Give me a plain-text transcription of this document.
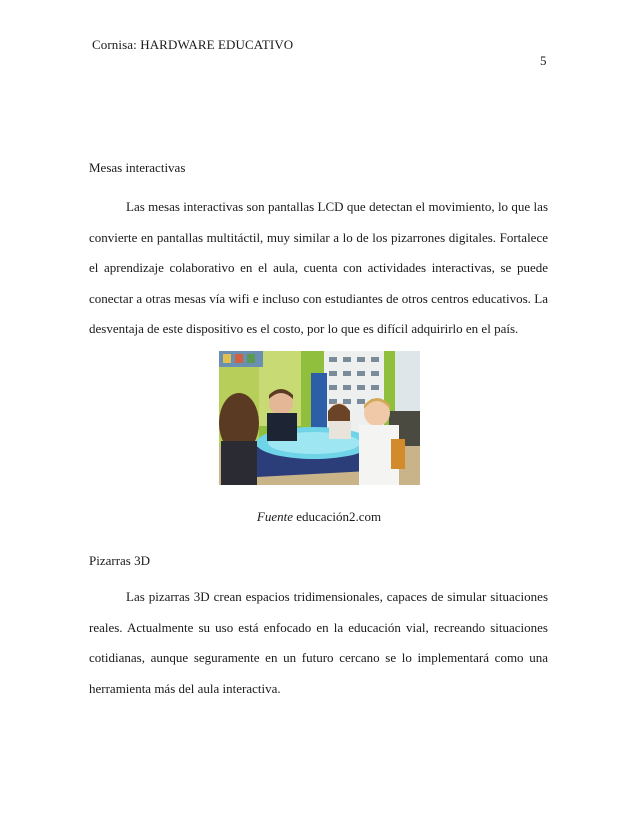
Cornisa: HARDWARE EDUCATIVO
5
Mesas interactivas

Las mesas interactivas son pantallas LCD que detectan el movimiento, lo que las convierte en pantallas multitáctil, muy similar a lo de los pizarrones digitales. Fortalece el aprendizaje colaborativo en el aula, cuenta con actividades interactivas, se puede conectar a otras mesas vía wifi e incluso con estudiantes de otros centros educativos. La desventaja de este dispositivo es el costo, por lo que es difícil adquirirlo en el país.

Fuente educación2.com
Pizarras 3D

Las pizarras 3D crean espacios tridimensionales, capaces de simular situaciones reales. Actualmente su uso está enfocado en la educación vial, recreando situaciones cotidianas, aunque seguramente en un futuro cercano se lo implementará como una herramienta más del aula interactiva.
